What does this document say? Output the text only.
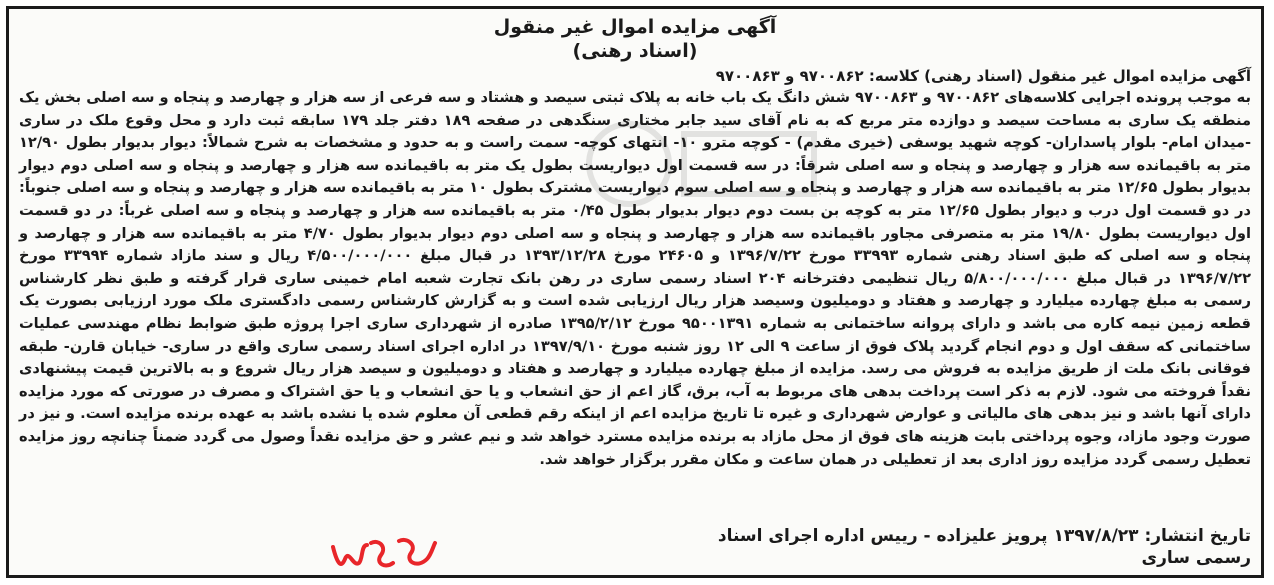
آگهی مزایده اموال غیر منقول
(اسناد رهنی)
آگهی مزایده اموال غیر منقول (اسناد رهنی) کلاسه: ۹۷۰۰۸۶۲ و ۹۷۰۰۸۶۳
به موجب پرونده اجرایی کلاسه‌های ۹۷۰۰۸۶۲ و ۹۷۰۰۸۶۳ شش دانگ یک باب خانه به پلاک ثبتی سیصد و هشتاد و سه فرعی از سه هزار و چهارصد و پنجاه و سه اصلی بخش یک منطقه یک ساری به مساحت سیصد و دوازده متر مربع که به نام آقای سید جابر مختاری سنگدهی در صفحه ۱۸۹ دفتر جلد ۱۷۹ سابقه ثبت دارد و محل وقوع ملک در ساری -میدان امام- بلوار پاسداران- کوچه شهید یوسفی (خیری مقدم) - کوچه مترو ۱۰- انتهای کوچه- سمت راست و به حدود و مشخصات به شرح شمالاً: دیوار بدیوار بطول ۱۲/۹۰ متر به باقیمانده سه هزار و چهارصد و پنجاه و سه اصلی شرقاً: در سه قسمت اول دیواریست بطول یک متر به باقیمانده سه هزار و چهارصد و پنجاه و سه اصلی دوم دیوار بدیوار بطول ۱۲/۶۵ متر به باقیمانده سه هزار و چهارصد و پنجاه و سه اصلی سوم دیواریست مشترک بطول ۱۰ متر به باقیمانده سه هزار و چهارصد و پنجاه و سه اصلی جنوباً: در دو قسمت اول درب و دیوار بطول ۱۲/۶۵ متر به کوچه بن بست دوم دیوار بدیوار بطول ۰/۴۵ متر به باقیمانده سه هزار و چهارصد و پنجاه و سه اصلی غرباً: در دو قسمت اول دیواریست بطول ۱۹/۸۰ متر به متصرفی مجاور باقیمانده سه هزار و چهارصد و پنجاه و سه اصلی دوم دیوار بدیوار بطول ۴/۷۰ متر به باقیمانده سه هزار و چهارصد و پنجاه و سه اصلی که طبق اسناد رهنی شماره ۳۳۹۹۳ مورخ ۱۳۹۶/۷/۲۲ و ۲۴۶۰۵ مورخ ۱۳۹۳/۱۲/۲۸ در قبال مبلغ ۴/۵۰۰/۰۰۰/۰۰۰ ریال و سند مازاد شماره ۳۳۹۹۴ مورخ ۱۳۹۶/۷/۲۲ در قبال مبلغ ۵/۸۰۰/۰۰۰/۰۰۰ ریال تنظیمی دفترخانه ۲۰۴ اسناد رسمی ساری در رهن بانک تجارت شعبه امام خمینی ساری قرار گرفته و طبق نظر کارشناس رسمی به مبلغ چهارده میلیارد و چهارصد و هفتاد و دومیلیون وسیصد هزار ریال ارزیابی شده است و به گزارش کارشناس رسمی دادگستری ملک مورد ارزیابی بصورت یک قطعه زمین نیمه کاره می باشد و دارای پروانه ساختمانی به شماره ۹۵۰۰۱۳۹۱ مورخ ۱۳۹۵/۲/۱۲ صادره از شهرداری ساری اجرا پروژه طبق ضوابط نظام مهندسی عملیات ساختمانی که سقف اول و دوم انجام گردید پلاک فوق از ساعت ۹ الی ۱۲ روز شنبه مورخ ۱۳۹۷/۹/۱۰ در اداره اجرای اسناد رسمی ساری واقع در ساری- خیابان قارن- طبقه فوقانی بانک ملت از طریق مزایده به فروش می رسد. مزایده از مبلغ چهارده میلیارد و چهارصد و هفتاد و دومیلیون و سیصد هزار ریال شروع و به بالاترین قیمت پیشنهادی نقداً فروخته می شود. لازم به ذکر است پرداخت بدهی های مربوط به آب، برق، گاز اعم از حق انشعاب و یا حق انشعاب و یا حق اشتراک و مصرف در صورتی که مورد مزایده دارای آنها باشد و نیز بدهی های مالیاتی و عوارض شهرداری و غیره تا تاریخ مزایده اعم از اینکه رقم قطعی آن معلوم شده یا نشده باشد به عهده برنده مزایده است. و نیز در صورت وجود مازاد، وجوه پرداختی بابت هزینه های فوق از محل مازاد به برنده مزایده مسترد خواهد شد و نیم عشر و حق مزایده نقداً وصول می گردد ضمناً چنانچه روز مزایده تعطیل رسمی گردد مزایده روز اداری بعد از تعطیلی در همان ساعت و مکان مقرر برگزار خواهد شد.
تاریخ انتشار: ۱۳۹۷/۸/۲۳ پرویز علیزاده - رییس اداره اجرای اسناد
رسمی ساری
